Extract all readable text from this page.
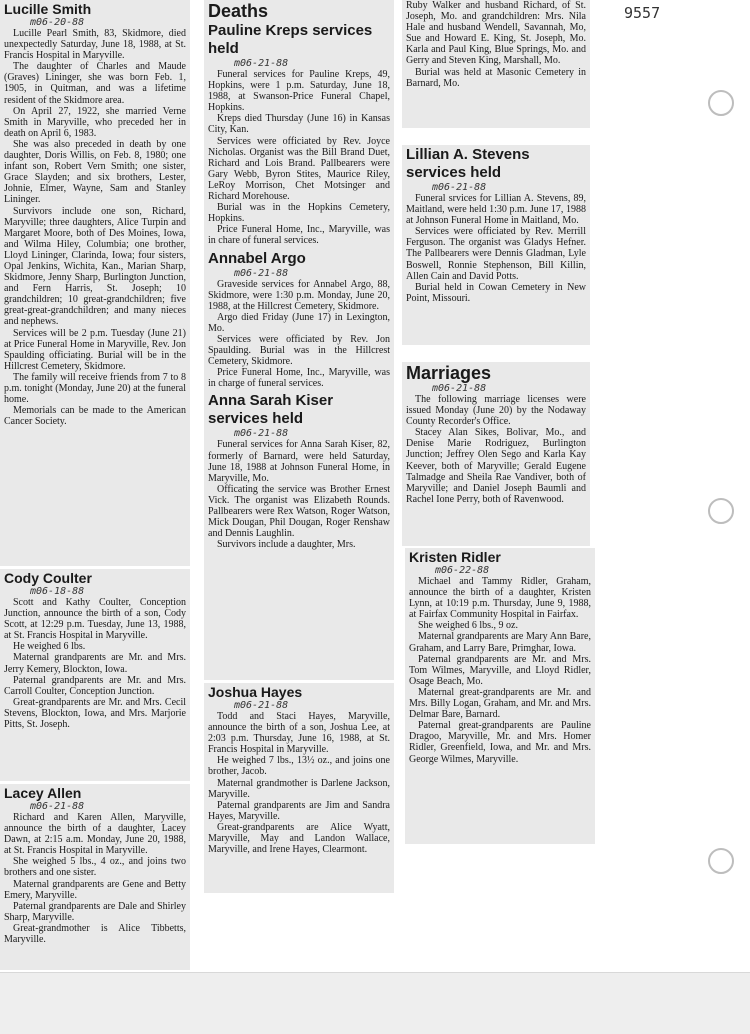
9557
Lucille Smith
m06-20-88

Lucille Pearl Smith, 83, Skidmore, died unexpectedly Saturday, June 18, 1988, at St. Francis Hospital in Maryville.

The daughter of Charles and Maude (Graves) Lininger, she was born Feb. 1, 1905, in Quitman, and was a lifetime resident of the Skidmore area.

On April 27, 1922, she married Verne Smith in Maryville, who preceded her in death on April 6, 1983.

She was also preceded in death by one daughter, Doris Willis, on Feb. 8, 1980; one infant son, Robert Vern Smith; one sister, Grace Slayden; and six brothers, Lester, Johnie, Elmer, Wayne, Sam and Stanley Lininger.

Survivors include one son, Richard, Maryville; three daughters, Alice Turpin and Margaret Moore, both of Des Moines, Iowa, and Wilma Hiley, Columbia; one brother, Lloyd Lininger, Clarinda, Iowa; four sisters, Opal Jenkins, Wichita, Kan., Marian Sharp, Skidmore, Jenny Sharp, Burlington Junction, and Fern Harris, St. Joseph; 10 grandchildren; 10 great-grandchildren; five great-great-grandchildren; and many nieces and nephews.

Services will be 2 p.m. Tuesday (June 21) at Price Funeral Home in Maryville, Rev. Jon Spaulding officiating. Burial will be in the Hillcrest Cemetery, Skidmore.

The family will receive friends from 7 to 8 p.m. tonight (Monday, June 20) at the funeral home.

Memorials can be made to the American Cancer Society.

Cody Coulter
m06-18-88

Scott and Kathy Coulter, Conception Junction, announce the birth of a son, Cody Scott, at 12:29 p.m. Tuesday, June 13, 1988, at St. Francis Hospital in Maryville.

He weighed 6 lbs.

Maternal grandparents are Mr. and Mrs. Jerry Kemery, Blockton, Iowa.

Paternal grandparents are Mr. and Mrs. Carroll Coulter, Conception Junction.

Great-grandparents are Mr. and Mrs. Cecil Stevens, Blockton, Iowa, and Mrs. Marjorie Pitts, St. Joseph.

Lacey Allen
m06-21-88

Richard and Karen Allen, Maryville, announce the birth of a daughter, Lacey Dawn, at 2:15 a.m. Monday, June 20, 1988, at St. Francis Hospital in Maryville.

She weighed 5 lbs., 4 oz., and joins two brothers and one sister.

Maternal grandparents are Gene and Betty Emery, Maryville.

Paternal grandparents are Dale and Shirley Sharp, Maryville.

Great-grandmother is Alice Tibbetts, Maryville.

Deaths
Pauline Kreps services held
m06-21-88

Funeral services for Pauline Kreps, 49, Hopkins, were 1 p.m. Saturday, June 18, 1988, at Swanson-Price Funeral Chapel, Hopkins.

Kreps died Thursday (June 16) in Kansas City, Kan.

Services were officiated by Rev. Joyce Nicholas. Organist was the Bill Brand Duet, Richard and Lois Brand. Pallbearers were Gary Webb, Byron Stites, Maurice Riley, LeRoy Morrison, Chet Motsinger and Richard Morehouse.

Burial was in the Hopkins Cemetery, Hopkins.

Price Funeral Home, Inc., Maryville, was in chare of funeral services.

Annabel Argo
m06-21-88

Graveside services for Annabel Argo, 88, Skidmore, were 1:30 p.m. Monday, June 20, 1988, at the Hillcrest Cemetery, Skidmore.

Argo died Friday (June 17) in Lexington, Mo.

Services were officiated by Rev. Jon Spaulding. Burial was in the Hillcrest Cemetery, Skidmore.

Price Funeral Home, Inc., Maryville, was in charge of funeral services.

Anna Sarah Kiser services held
m06-21-88

Funeral services for Anna Sarah Kiser, 82, formerly of Barnard, were held Saturday, June 18, 1988 at Johnson Funeral Home, in Maryville, Mo.

Officating the service was Brother Ernest Vick. The organist was Elizabeth Rounds. Pallbearers were Rex Watson, Roger Watson, Mick Dougan, Phil Dougan, Roger Renshaw and Dennis Laughlin.

Survivors include a daughter, Mrs.

Joshua Hayes
m06-21-88

Todd and Staci Hayes, Maryville, announce the birth of a son, Joshua Lee, at 2:03 p.m. Thursday, June 16, 1988, at St. Francis Hospital in Maryville.

He weighed 7 lbs., 13½ oz., and joins one brother, Jacob.

Maternal grandmother is Darlene Jackson, Maryville.

Paternal grandparents are Jim and Sandra Hayes, Maryville.

Great-grandparents are Alice Wyatt, Maryville, May and Landon Wallace, Maryville, and Irene Hayes, Clearmont.

Ruby Walker and husband Richard, of St. Joseph, Mo. and grandchildren: Mrs. Nila Hale and husband Wendell, Savannah, Mo, Sue and Howard E. King, St. Joseph, Mo. Karla and Paul King, Blue Springs, Mo. and Gerry and Steven King, Marshall, Mo.

Burial was held at Masonic Cemetery in Barnard, Mo.

Lillian A. Stevens services held
m06-21-88

Funeral srvices for Lillian A. Stevens, 89, Maitland, were held 1:30 p.m. June 17, 1988 at Johnson Funeral Home in Maitland, Mo.

Services were officiated by Rev. Merrill Ferguson. The organist was Gladys Hefner. The Pallbearers were Dennis Gladman, Lyle Boswell, Ronnie Stephenson, Bill Killin, Allen Cain and David Potts.

Burial held in Cowan Cemetery in New Point, Missouri.

Marriages
m06-21-88

The following marriage licenses were issued Monday (June 20) by the Nodaway County Recorder's Office.

Stacey Alan Sikes, Bolivar, Mo., and Denise Marie Rodriguez, Burlington Junction; Jeffrey Olen Sego and Karla Kay Keever, both of Maryville; Gerald Eugene Talmadge and Sheila Rae Vandiver, both of Maryville; and Daniel Joseph Baumli and Rachel Ione Perry, both of Ravenwood.

Kristen Ridler
m06-22-88

Michael and Tammy Ridler, Graham, announce the birth of a daughter, Kristen Lynn, at 10:19 p.m. Thursday, June 9, 1988, at Fairfax Community Hospital in Fairfax.

She weighed 6 lbs., 9 oz.

Maternal grandparents are Mary Ann Bare, Graham, and Larry Bare, Primghar, Iowa.

Paternal grandparents are Mr. and Mrs. Tom Wilmes, Maryville, and Lloyd Ridler, Osage Beach, Mo.

Maternal great-grandparents are Mr. and Mrs. Billy Logan, Graham, and Mr. and Mrs. Delmar Bare, Barnard.

Paternal great-grandparents are Pauline Dragoo, Maryville, Mr. and Mrs. Homer Ridler, Greenfield, Iowa, and Mr. and Mrs. George Wilmes, Maryville.
